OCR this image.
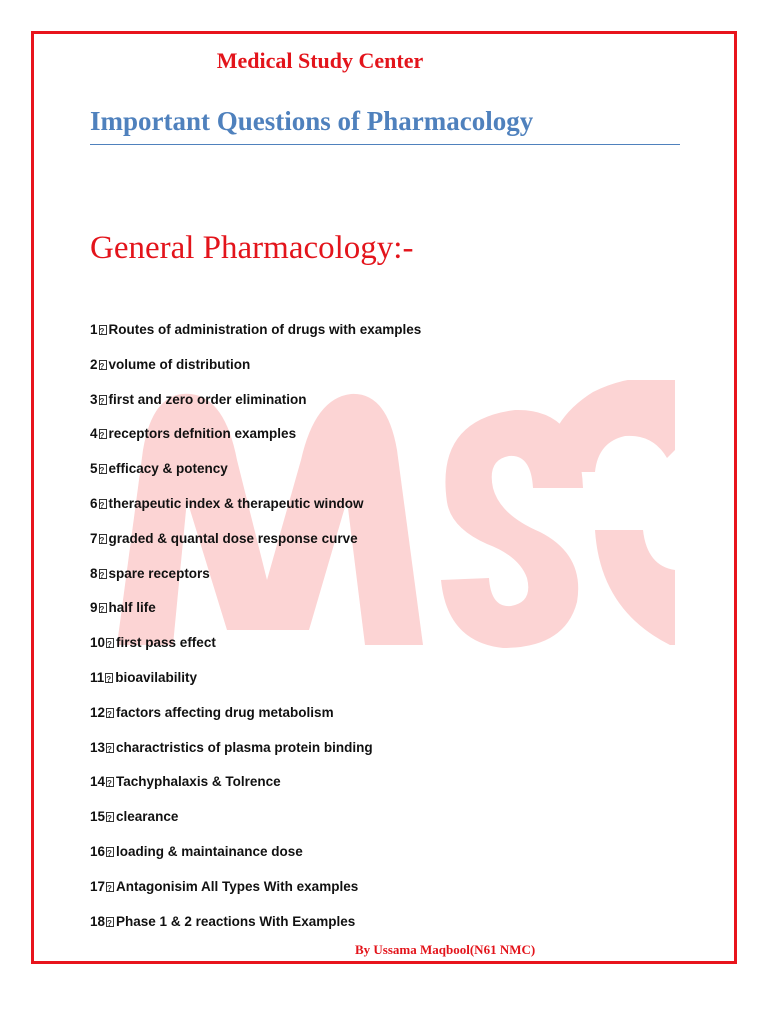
Medical Study Center
Important Questions of Pharmacology
General Pharmacology:-
1 ? Routes of administration of drugs with examples
2 ? volume of distribution
3 ? first and zero order elimination
4 ? receptors defnition examples
5 ? efficacy & potency
6 ? therapeutic index & therapeutic window
7 ? graded & quantal dose response curve
8 ? spare receptors
9 ? half life
10 ? first pass effect
11 ? bioavilability
12 ? factors affecting drug metabolism
13 ? charactristics of plasma protein binding
14 ? Tachyphalaxis & Tolrence
15 ? clearance
16 ? loading & maintainance dose
17 ? Antagonisim All Types With examples
18 ? Phase 1 & 2 reactions With Examples
By Ussama Maqbool(N61 NMC)
